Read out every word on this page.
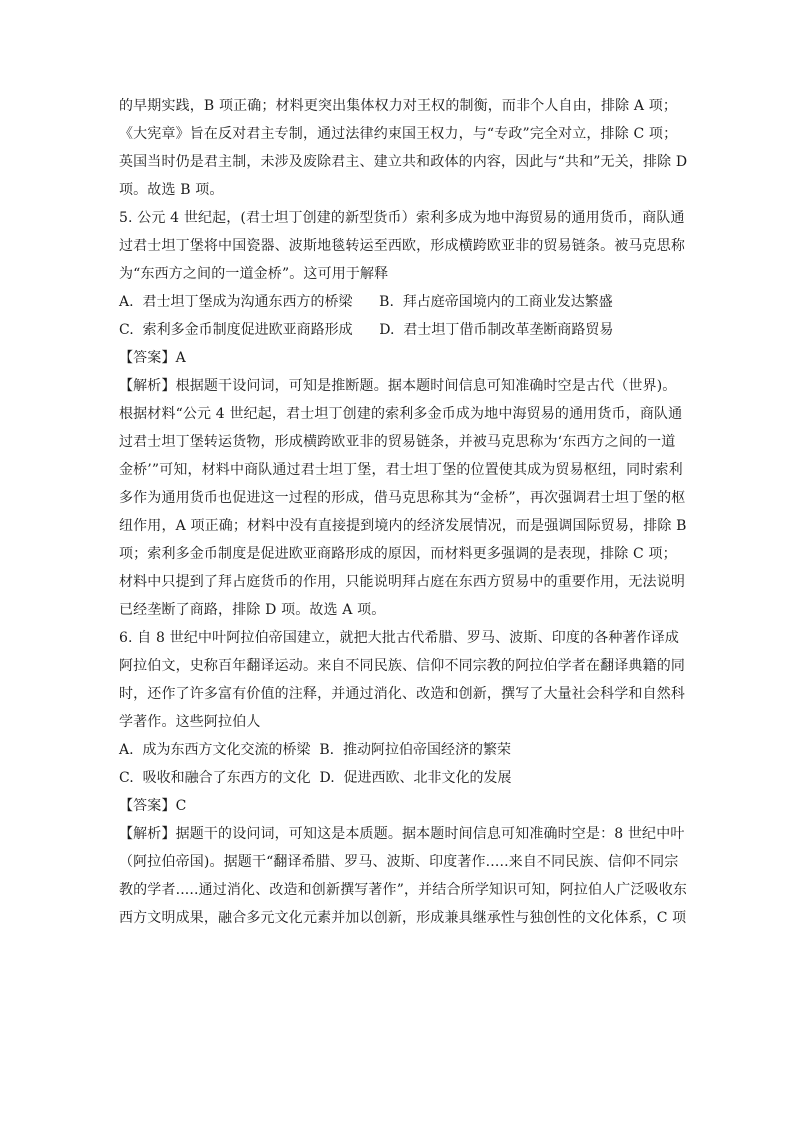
的早期实践，B 项正确；材料更突出集体权力对王权的制衡，而非个人自由，排除 A 项；
《大宪章》旨在反对君主专制，通过法律约束国王权力，与“专政”完全对立，排除 C 项；
英国当时仍是君主制，未涉及废除君主、建立共和政体的内容，因此与“共和”无关，排除 D
项。故选 B 项。
5. 公元 4 世纪起，(君士坦丁创建的新型货币）索利多成为地中海贸易的通用货币，商队通
过君士坦丁堡将中国瓷器、波斯地毯转运至西欧，形成横跨欧亚非的贸易链条。被马克思称
为“东西方之间的一道金桥”。这可用于解释
A.  君士坦丁堡成为沟通东西方的桥梁      B.  拜占庭帝国境内的工商业发达繁盛
C.  索利多金币制度促进欧亚商路形成      D.  君士坦丁借币制改革垄断商路贸易
【答案】A
【解析】根据题干设问词，可知是推断题。据本题时间信息可知准确时空是古代（世界)。
根据材料“公元 4 世纪起，君士坦丁创建的索利多金币成为地中海贸易的通用货币，商队通
过君士坦丁堡转运货物，形成横跨欧亚非的贸易链条，并被马克思称为‘东西方之间的一道
金桥’”可知，材料中商队通过君士坦丁堡，君士坦丁堡的位置使其成为贸易枢纽，同时索利
多作为通用货币也促进这一过程的形成，借马克思称其为“金桥”，再次强调君士坦丁堡的枢
纽作用，A 项正确；材料中没有直接提到境内的经济发展情况，而是强调国际贸易，排除 B
项；索利多金币制度是促进欧亚商路形成的原因，而材料更多强调的是表现，排除 C 项；
材料中只提到了拜占庭货币的作用，只能说明拜占庭在东西方贸易中的重要作用，无法说明
已经垄断了商路，排除 D 项。故选 A 项。
6. 自 8 世纪中叶阿拉伯帝国建立，就把大批古代希腊、罗马、波斯、印度的各种著作译成
阿拉伯文，史称百年翻译运动。来自不同民族、信仰不同宗教的阿拉伯学者在翻译典籍的同
时，还作了许多富有价值的注释，并通过消化、改造和创新，撰写了大量社会科学和自然科
学著作。这些阿拉伯人
A.  成为东西方文化交流的桥梁  B.  推动阿拉伯帝国经济的繁荣
C.  吸收和融合了东西方的文化  D.  促进西欧、北非文化的发展
【答案】C
【解析】据题干的设问词，可知这是本质题。据本题时间信息可知准确时空是：8 世纪中叶
（阿拉伯帝国)。据题干“翻译希腊、罗马、波斯、印度著作.....来自不同民族、信仰不同宗
教的学者.....通过消化、改造和创新撰写著作”，并结合所学知识可知，阿拉伯人广泛吸收东
西方文明成果，融合多元文化元素并加以创新，形成兼具继承性与独创性的文化体系，C 项
